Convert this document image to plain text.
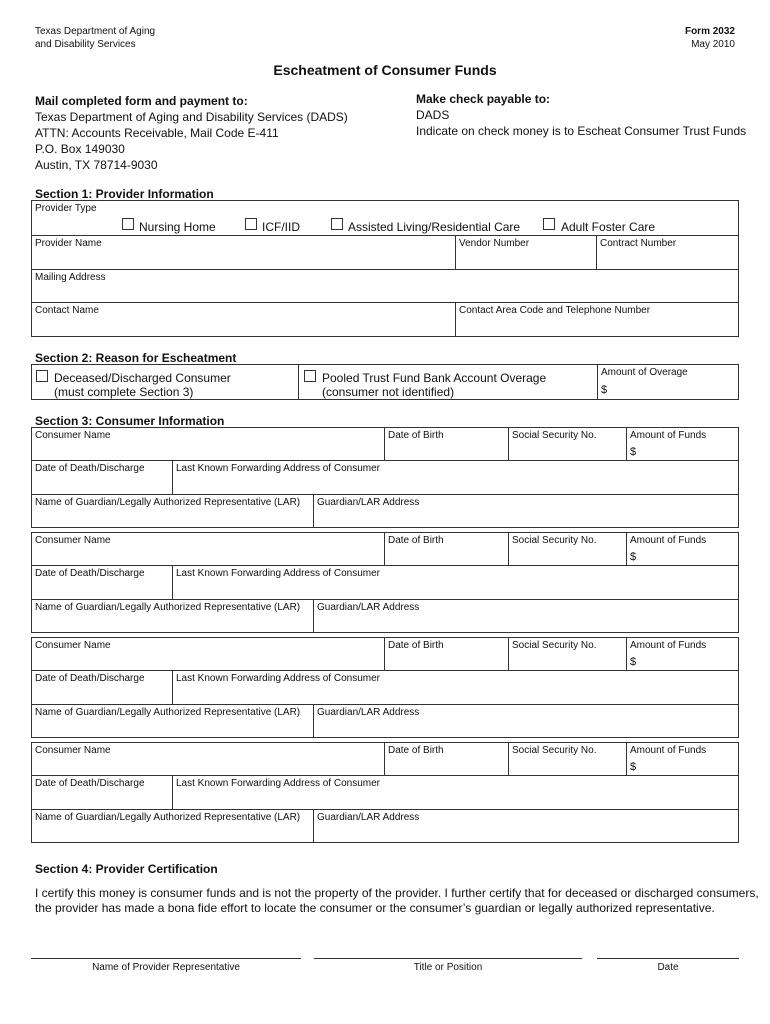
Texas Department of Aging
and Disability Services
Form 2032
May 2010
Escheatment of Consumer Funds
Mail completed form and payment to:
Texas Department of Aging and Disability Services (DADS)
ATTN: Accounts Receivable, Mail Code E-411
P.O. Box 149030
Austin, TX 78714-9030
Make check payable to:
DADS
Indicate on check money is to Escheat Consumer Trust Funds
Section 1: Provider Information
Provider Type
Nursing Home	ICF/IID	Assisted Living/Residential Care	Adult Foster Care
Provider Name	Vendor Number	Contract Number
Mailing Address
Contact Name	Contact Area Code and Telephone Number
Section 2: Reason for Escheatment
Deceased/Discharged Consumer
(must complete Section 3)
Pooled Trust Fund Bank Account Overage
(consumer not identified)
Amount of Overage
$
Section 3: Consumer Information
Consumer Name	Date of Birth	Social Security No.	Amount of Funds
$
Date of Death/Discharge	Last Known Forwarding Address of Consumer
Name of Guardian/Legally Authorized Representative (LAR) Guardian/LAR Address
Consumer Name	Date of Birth	Social Security No.	Amount of Funds
$
Date of Death/Discharge	Last Known Forwarding Address of Consumer
Name of Guardian/Legally Authorized Representative (LAR) Guardian/LAR Address
Consumer Name	Date of Birth	Social Security No.	Amount of Funds
$
Date of Death/Discharge	Last Known Forwarding Address of Consumer
Name of Guardian/Legally Authorized Representative (LAR) Guardian/LAR Address
Consumer Name	Date of Birth	Social Security No.	Amount of Funds
$
Date of Death/Discharge	Last Known Forwarding Address of Consumer
Name of Guardian/Legally Authorized Representative (LAR) Guardian/LAR Address
Section 4: Provider Certification
I certify this money is consumer funds and is not the property of the provider. I further certify that for deceased or discharged consumers,
the provider has made a bona fide effort to locate the consumer or the consumer’s guardian or legally authorized representative.
Name of Provider Representative	Title or Position	Date
